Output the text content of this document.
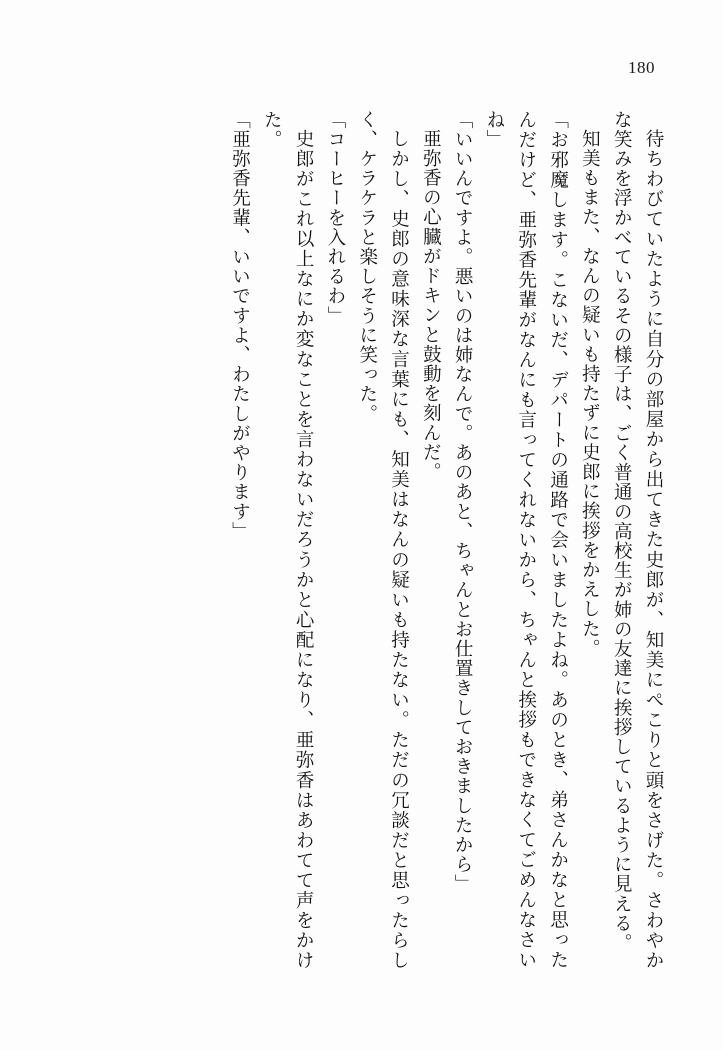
180

待ちわびていたように自分の部屋から出てきた史郎が、知美にぺこりと頭をさげた。さわやかな笑みを浮かべているその様子は、ごく普通の高校生が姉の友達に挨拶しているように見える。

知美もまた、なんの疑いも持たずに史郎に挨拶をかえした。

「お邪魔します。こないだ、デパートの通路で会いましたよね。あのとき、弟さんかなと思ったんだけど、亜弥香先輩がなんにも言ってくれないから、ちゃんと挨拶もできなくてごめんなさいね」

「いいんですよ。悪いのは姉なんで。あのあと、ちゃんとお仕置きしておきましたから」

亜弥香の心臓がドキンと鼓動を刻んだ。

しかし、史郎の意味深な言葉にも、知美はなんの疑いも持たない。ただの冗談だと思ったらしく、ケラケラと楽しそうに笑った。

「コーヒーを入れるわ」

史郎がこれ以上なにか変なことを言わないだろうかと心配になり、亜弥香はあわてて声をかけた。

「亜弥香先輩、いいですよ、わたしがやります」
